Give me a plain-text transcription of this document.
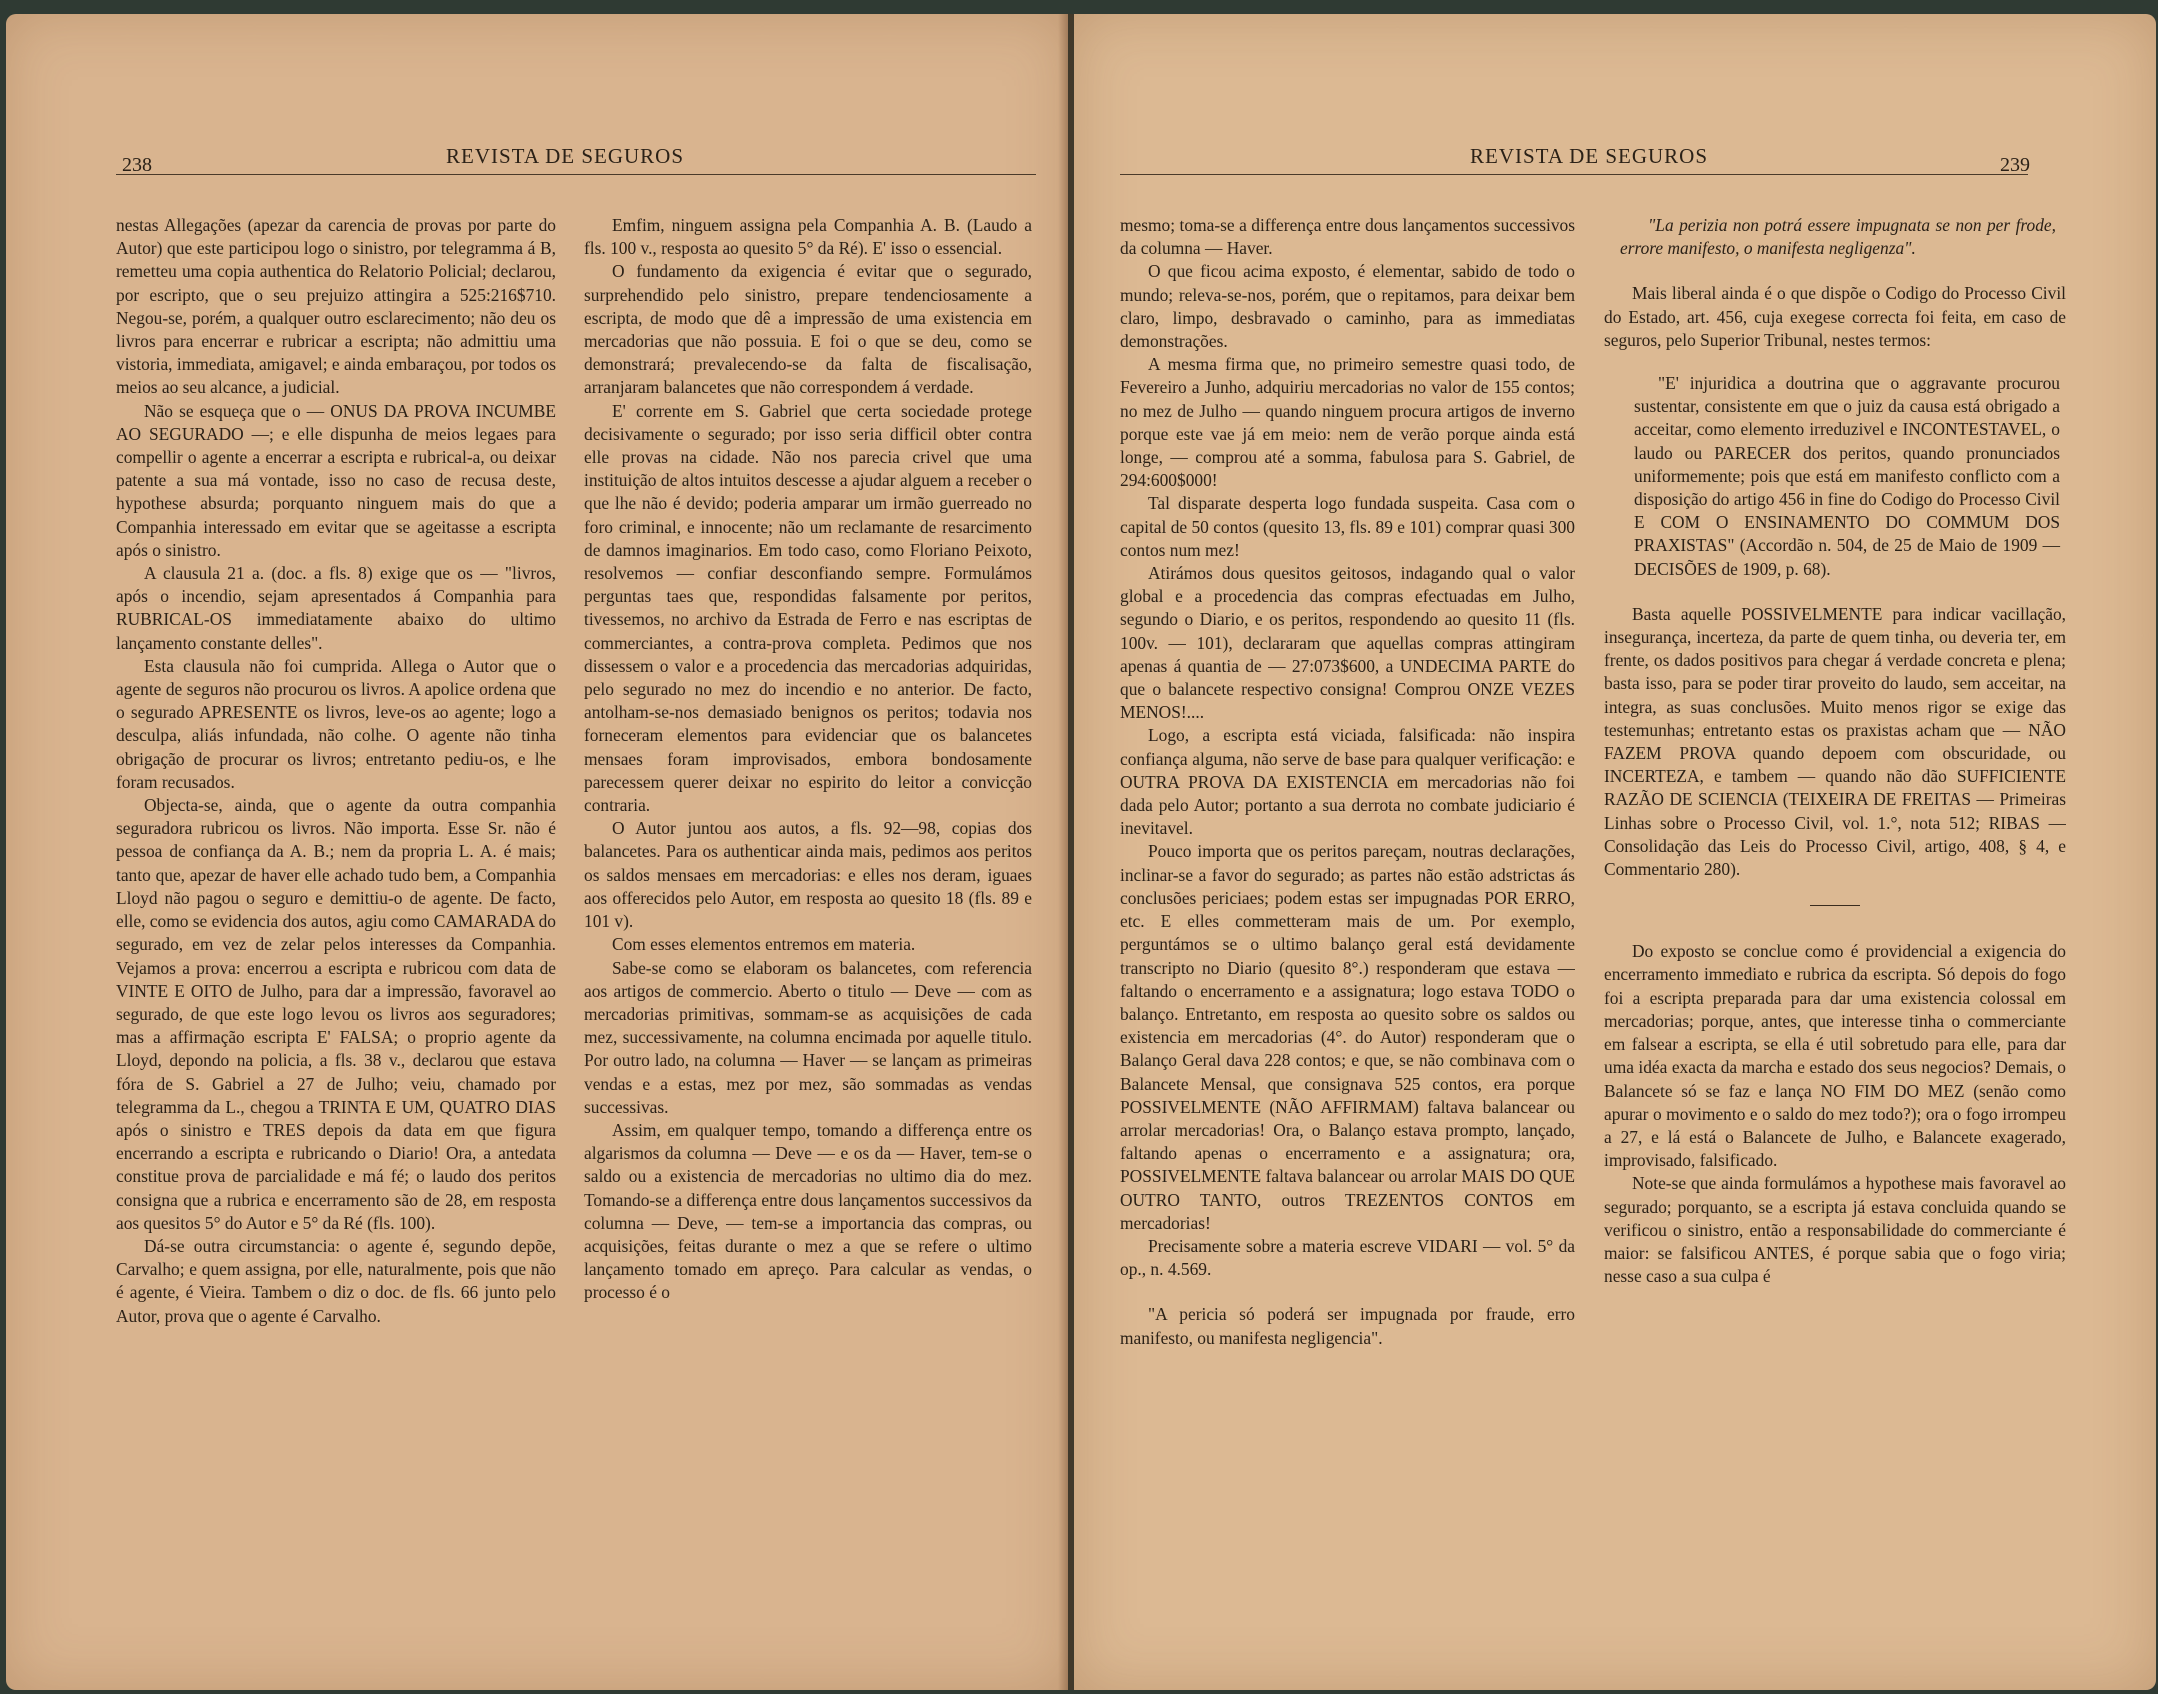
238	REVISTA DE SEGUROS

nestas Allegações (apezar da carencia de provas por parte do Autor) que este participou logo o sinistro, por telegramma á B, remetteu uma copia authentica do Relatorio Policial; declarou, por escripto, que o seu prejuizo attingira a 525:216$710. Negou-se, porém, a qualquer outro esclarecimento; não deu os livros para encerrar e rubricar a escripta; não admittiu uma vistoria, immediata, amigavel; e ainda embaraçou, por todos os meios ao seu alcance, a judicial.

Não se esqueça que o — ONUS DA PROVA INCUMBE AO SEGURADO —; e elle dispunha de meios legaes para compellir o agente a encerrar a escripta e rubrical-a, ou deixar patente a sua má vontade, isso no caso de recusa deste, hypothese absurda; porquanto ninguem mais do que a Companhia interessado em evitar que se ageitasse a escripta após o sinistro.

A clausula 21 a. (doc. a fls. 8) exige que os — "livros, após o incendio, sejam apresentados á Companhia para RUBRICAL-OS immediatamente abaixo do ultimo lançamento constante delles".

Esta clausula não foi cumprida. Allega o Autor que o agente de seguros não procurou os livros. A apolice ordena que o segurado APRESENTE os livros, leve-os ao agente; logo a desculpa, aliás infundada, não colhe. O agente não tinha obrigação de procurar os livros; entretanto pediu-os, e lhe foram recusados.

Objecta-se, ainda, que o agente da outra companhia seguradora rubricou os livros. Não importa. Esse Sr. não é pessoa de confiança da A. B.; nem da propria L. A. é mais; tanto que, apezar de haver elle achado tudo bem, a Companhia Lloyd não pagou o seguro e demittiu-o de agente. De facto, elle, como se evidencia dos autos, agiu como CAMARADA do segurado, em vez de zelar pelos interesses da Companhia. Vejamos a prova: encerrou a escripta e rubricou com data de VINTE E OITO de Julho, para dar a impressão, favoravel ao segurado, de que este logo levou os livros aos seguradores; mas a affirmação escripta E' FALSA; o proprio agente da Lloyd, depondo na policia, a fls. 38 v., declarou que estava fóra de S. Gabriel a 27 de Julho; veiu, chamado por telegramma da L., chegou a TRINTA E UM, QUATRO DIAS após o sinistro e TRES depois da data em que figura encerrando a escripta e rubricando o Diario! Ora, a antedata constitue prova de parcialidade e má fé; o laudo dos peritos consigna que a rubrica e encerramento são de 28, em resposta aos quesitos 5° do Autor e 5° da Ré (fls. 100).

Dá-se outra circumstancia: o agente é, segundo depõe, Carvalho; e quem assigna, por elle, naturalmente, pois que não é agente, é Vieira. Tambem o diz o doc. de fls. 66 junto pelo Autor, prova que o agente é Carvalho.

Emfim, ninguem assigna pela Companhia A. B. (Laudo a fls. 100 v., resposta ao quesito 5° da Ré). E' isso o essencial.

O fundamento da exigencia é evitar que o segurado, surprehendido pelo sinistro, prepare tendenciosamente a escripta, de modo que dê a impressão de uma existencia em mercadorias que não possuia. E foi o que se deu, como se demonstrará; prevalecendo-se da falta de fiscalisação, arranjaram balancetes que não correspondem á verdade.

E' corrente em S. Gabriel que certa sociedade protege decisivamente o segurado; por isso seria difficil obter contra elle provas na cidade. Não nos parecia crivel que uma instituição de altos intuitos descesse a ajudar alguem a receber o que lhe não é devido; poderia amparar um irmão guerreado no foro criminal, e innocente; não um reclamante de resarcimento de damnos imaginarios. Em todo caso, como Floriano Peixoto, resolvemos — confiar desconfiando sempre. Formulámos perguntas taes que, respondidas falsamente por peritos, tivessemos, no archivo da Estrada de Ferro e nas escriptas de commerciantes, a contra-prova completa. Pedimos que nos dissessem o valor e a procedencia das mercadorias adquiridas, pelo segurado no mez do incendio e no anterior. De facto, antolham-se-nos demasiado benignos os peritos; todavia nos forneceram elementos para evidenciar que os balancetes mensaes foram improvisados, embora bondosamente parecessem querer deixar no espirito do leitor a convicção contraria.

O Autor juntou aos autos, a fls. 92—98, copias dos balancetes. Para os authenticar ainda mais, pedimos aos peritos os saldos mensaes em mercadorias: e elles nos deram, iguaes aos offerecidos pelo Autor, em resposta ao quesito 18 (fls. 89 e 101 v).

Com esses elementos entremos em materia.

Sabe-se como se elaboram os balancetes, com referencia aos artigos de commercio. Aberto o titulo — Deve — com as mercadorias primitivas, sommam-se as acquisições de cada mez, successivamente, na columna encimada por aquelle titulo. Por outro lado, na columna — Haver — se lançam as primeiras vendas e a estas, mez por mez, são sommadas as vendas successivas.

Assim, em qualquer tempo, tomando a differença entre os algarismos da columna — Deve — e os da — Haver, tem-se o saldo ou a existencia de mercadorias no ultimo dia do mez. Tomando-se a differença entre dous lançamentos successivos da columna — Deve, — tem-se a importancia das compras, ou acquisições, feitas durante o mez a que se refere o ultimo lançamento tomado em apreço. Para calcular as vendas, o processo é o

REVISTA DE SEGUROS	239

mesmo; toma-se a differença entre dous lançamentos successivos da columna — Haver.

O que ficou acima exposto, é elementar, sabido de todo o mundo; releva-se-nos, porém, que o repitamos, para deixar bem claro, limpo, desbravado o caminho, para as immediatas demonstrações.

A mesma firma que, no primeiro semestre quasi todo, de Fevereiro a Junho, adquiriu mercadorias no valor de 155 contos; no mez de Julho — quando ninguem procura artigos de inverno porque este vae já em meio: nem de verão porque ainda está longe, — comprou até a somma, fabulosa para S. Gabriel, de 294:600$000!

Tal disparate desperta logo fundada suspeita. Casa com o capital de 50 contos (quesito 13, fls. 89 e 101) comprar quasi 300 contos num mez!

Atirámos dous quesitos geitosos, indagando qual o valor global e a procedencia das compras efectuadas em Julho, segundo o Diario, e os peritos, respondendo ao quesito 11 (fls. 100v. — 101), declararam que aquellas compras attingiram apenas á quantia de — 27:073$600, a UNDECIMA PARTE do que o balancete respectivo consigna! Comprou ONZE VEZES MENOS!....

Logo, a escripta está viciada, falsificada: não inspira confiança alguma, não serve de base para qualquer verificação: e OUTRA PROVA DA EXISTENCIA em mercadorias não foi dada pelo Autor; portanto a sua derrota no combate judiciario é inevitavel.

Pouco importa que os peritos pareçam, noutras declarações, inclinar-se a favor do segurado; as partes não estão adstrictas ás conclusões periciaes; podem estas ser impugnadas POR ERRO, etc. E elles commetteram mais de um. Por exemplo, perguntámos se o ultimo balanço geral está devidamente transcripto no Diario (quesito 8°.) responderam que estava — faltando o encerramento e a assignatura; logo estava TODO o balanço. Entretanto, em resposta ao quesito sobre os saldos ou existencia em mercadorias (4°. do Autor) responderam que o Balanço Geral dava 228 contos; e que, se não combinava com o Balancete Mensal, que consignava 525 contos, era porque POSSIVELMENTE (NÃO AFFIRMAM) faltava balancear ou arrolar mercadorias! Ora, o Balanço estava prompto, lançado, faltando apenas o encerramento e a assignatura; ora, POSSIVELMENTE faltava balancear ou arrolar MAIS DO QUE OUTRO TANTO, outros TREZENTOS CONTOS em mercadorias!

Precisamente sobre a materia escreve VIDARI — vol. 5° da op., n. 4.569.

"A pericia só poderá ser impugnada por fraude, erro manifesto, ou manifesta negligencia".

"La perizia non potrá essere impugnata se non per frode, errore manifesto, o manifesta negligenza".

Mais liberal ainda é o que dispõe o Codigo do Processo Civil do Estado, art. 456, cuja exegese correcta foi feita, em caso de seguros, pelo Superior Tribunal, nestes termos:

"E' injuridica a doutrina que o aggravante procurou sustentar, consistente em que o juiz da causa está obrigado a acceitar, como elemento irreduzivel e INCONTESTAVEL, o laudo ou PARECER dos peritos, quando pronunciados uniformemente; pois que está em manifesto conflicto com a disposição do artigo 456 in fine do Codigo do Processo Civil E COM O ENSINAMENTO DO COMMUM DOS PRAXISTAS" (Accordão n. 504, de 25 de Maio de 1909 — DECISÕES de 1909, p. 68).

Basta aquelle POSSIVELMENTE para indicar vacillação, insegurança, incerteza, da parte de quem tinha, ou deveria ter, em frente, os dados positivos para chegar á verdade concreta e plena; basta isso, para se poder tirar proveito do laudo, sem acceitar, na integra, as suas conclusões. Muito menos rigor se exige das testemunhas; entretanto estas os praxistas acham que — NÃO FAZEM PROVA quando depoem com obscuridade, ou INCERTEZA, e tambem — quando não dão SUFFICIENTE RAZÃO DE SCIENCIA (TEIXEIRA DE FREITAS — Primeiras Linhas sobre o Processo Civil, vol. 1.°, nota 512; RIBAS — Consolidação das Leis do Processo Civil, artigo, 408, § 4, e Commentario 280).

Do exposto se conclue como é providencial a exigencia do encerramento immediato e rubrica da escripta. Só depois do fogo foi a escripta preparada para dar uma existencia colossal em mercadorias; porque, antes, que interesse tinha o commerciante em falsear a escripta, se ella é util sobretudo para elle, para dar uma idéa exacta da marcha e estado dos seus negocios? Demais, o Balancete só se faz e lança NO FIM DO MEZ (senão como apurar o movimento e o saldo do mez todo?); ora o fogo irrompeu a 27, e lá está o Balancete de Julho, e Balancete exagerado, improvisado, falsificado.

Note-se que ainda formulámos a hypothese mais favoravel ao segurado; porquanto, se a escripta já estava concluida quando se verificou o sinistro, então a responsabilidade do commerciante é maior: se falsificou ANTES, é porque sabia que o fogo viria; nesse caso a sua culpa é
